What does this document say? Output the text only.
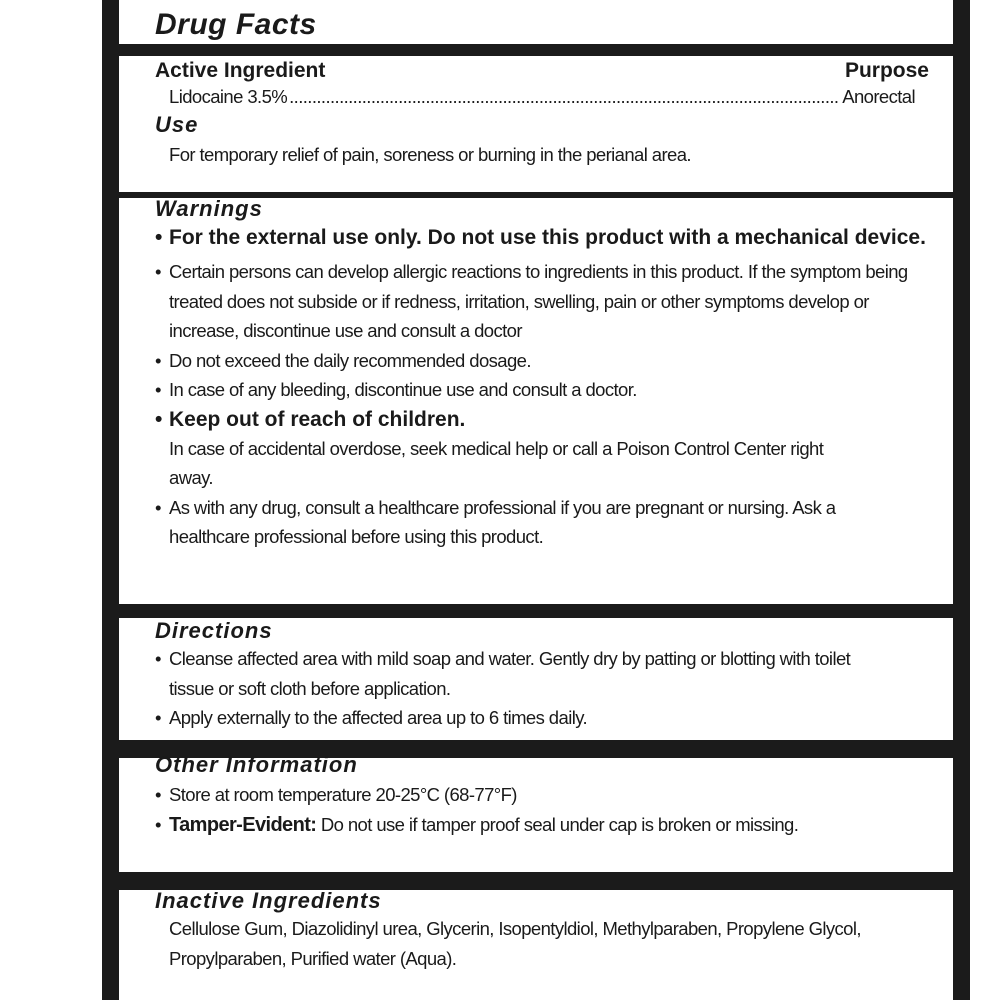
Drug Facts
Active Ingredient	Purpose
Lidocaine 3.5%
.....	Anorectal
Use
For temporary relief of pain, soreness or burning in the perianal area.
Warnings
• For the external use only. Do not use this product with a mechanical device.
• Certain persons can develop allergic reactions to ingredients in this product. If the symptom being treated does not subside or if redness, irritation, swelling, pain or other symptoms develop or increase, discontinue use and consult a doctor
• Do not exceed the daily recommended dosage.
• In case of any bleeding, discontinue use and consult a doctor.
• Keep out of reach of children.
In case of accidental overdose, seek medical help or call a Poison Control Center right away.
• As with any drug, consult a healthcare professional if you are pregnant or nursing. Ask a healthcare professional before using this product.
Directions
• Cleanse affected area with mild soap and water. Gently dry by patting or blotting with toilet tissue or soft cloth before application.
• Apply externally to the affected area up to 6 times daily.
Other Information
• Store at room temperature 20-25°C (68-77°F)
• Tamper-Evident: Do not use if tamper proof seal under cap is broken or missing.
Inactive Ingredients
Cellulose Gum, Diazolidinyl urea, Glycerin, Isopentyldiol, Methylparaben, Propylene Glycol, Propylparaben, Purified water (Aqua).
